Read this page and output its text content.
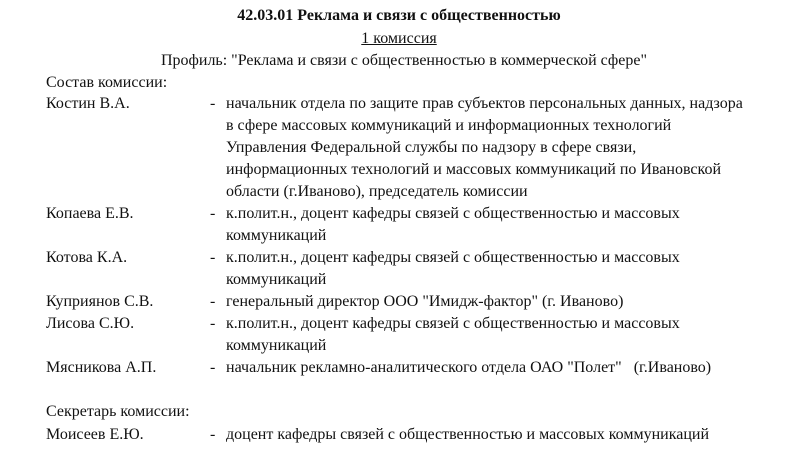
42.03.01 Реклама и связи с общественностью
1 комиссия
Профиль: "Реклама и связи с общественностью в коммерческой сфере"
Состав комиссии:
Костин В.А.	- начальник отдела по защите прав субъектов персональных данных, надзора
в сфере массовых коммуникаций и информационных технологий
Управления Федеральной службы по надзору в сфере связи,
информационных технологий и массовых коммуникаций по Ивановской
области (г.Иваново), председатель комиссии
Копаева Е.В.	- к.полит.н., доцент кафедры связей с общественностью и массовых
коммуникаций
Котова К.А.	- к.полит.н., доцент кафедры связей с общественностью и массовых
коммуникаций
Куприянов С.В.	- генеральный директор ООО "Имидж-фактор" (г. Иваново)
Лисова С.Ю.	- к.полит.н., доцент кафедры связей с общественностью и массовых
коммуникаций
Мясникова А.П.	- начальник рекламно-аналитического отдела ОАО "Полет"   (г.Иваново)
Секретарь комиссии:
Моисеев Е.Ю.	- доцент кафедры связей с общественностью и массовых коммуникаций
